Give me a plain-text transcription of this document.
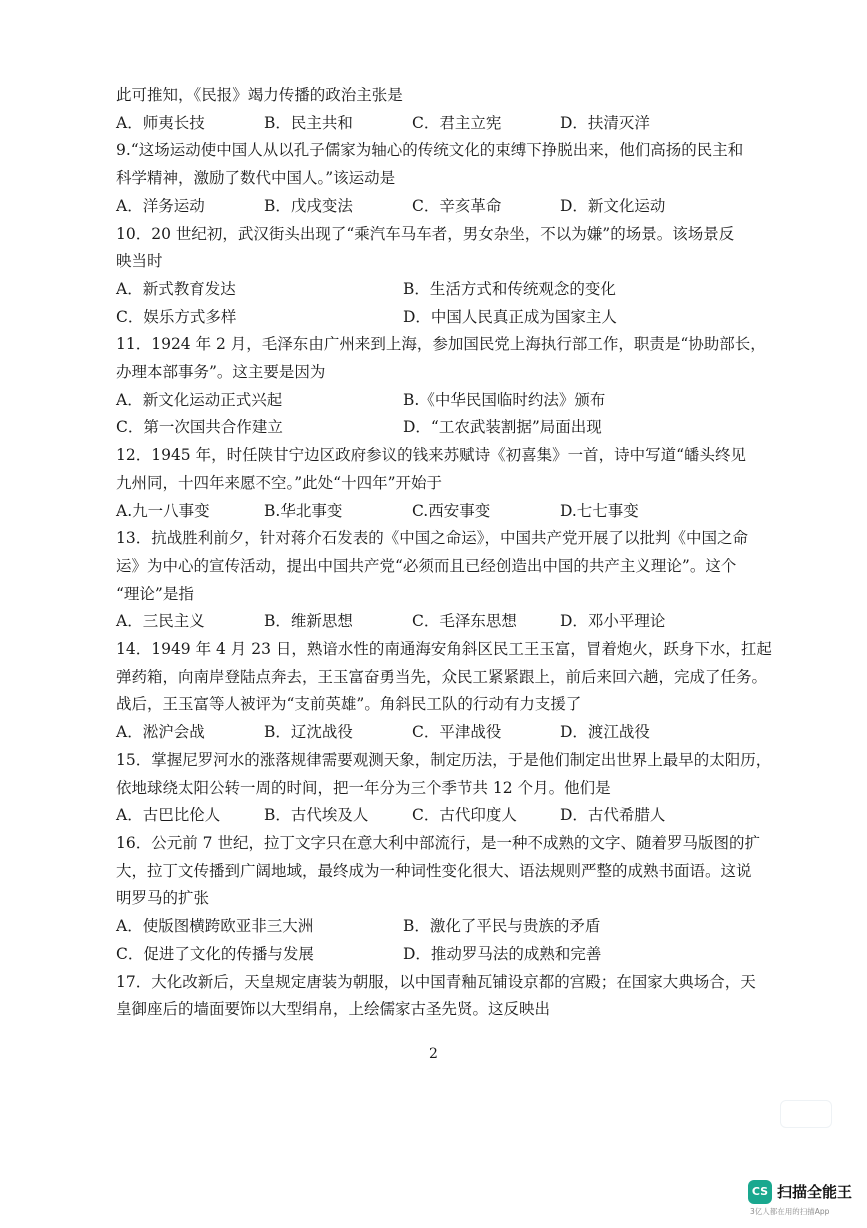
此可推知，《民报》竭力传播的政治主张是
A．师夷长技	B．民主共和	C．君主立宪	D．扶清灭洋
9.“这场运动使中国人从以孔子儒家为轴心的传统文化的束缚下挣脱出来，他们高扬的民主和
科学精神，激励了数代中国人。”该运动是
A．洋务运动	B．戊戌变法	C．辛亥革命	D．新文化运动
10．20 世纪初，武汉街头出现了“乘汽车马车者，男女杂坐，不以为嫌”的场景。该场景反
映当时
A．新式教育发达	B．生活方式和传统观念的变化
C．娱乐方式多样	D．中国人民真正成为国家主人
11．1924 年 2 月，毛泽东由广州来到上海，参加国民党上海执行部工作，职责是“协助部长，
办理本部事务”。这主要是因为
A．新文化运动正式兴起	B.《中华民国临时约法》颁布
C．第一次国共合作建立	D．“工农武装割据”局面出现
12．1945 年，时任陕甘宁边区政府参议的钱来苏赋诗《初喜集》一首，诗中写道“皤头终见
九州同，十四年来愿不空。”此处“十四年”开始于
A.九一八事变	B.华北事变	C.西安事变	D.七七事变
13．抗战胜利前夕，针对蒋介石发表的《中国之命运》，中国共产党开展了以批判《中国之命
运》为中心的宣传活动，提出中国共产党“必须而且已经创造出中国的共产主义理论”。这个
“理论”是指
A．三民主义	B．维新思想	C．毛泽东思想	D．邓小平理论
14．1949 年 4 月 23 日，熟谙水性的南通海安角斜区民工王玉富，冒着炮火，跃身下水，扛起
弹药箱，向南岸登陆点奔去，王玉富奋勇当先，众民工紧紧跟上，前后来回六趟，完成了任务。
战后，王玉富等人被评为“支前英雄”。角斜民工队的行动有力支援了
A．淞沪会战	B．辽沈战役	C．平津战役	D．渡江战役
15．掌握尼罗河水的涨落规律需要观测天象，制定历法，于是他们制定出世界上最早的太阳历，
依地球绕太阳公转一周的时间，把一年分为三个季节共 12 个月。他们是
A．古巴比伦人	B．古代埃及人	C．古代印度人	D．古代希腊人
16．公元前 7 世纪，拉丁文字只在意大利中部流行，是一种不成熟的文字、随着罗马版图的扩
大，拉丁文传播到广阔地域，最终成为一种词性变化很大、语法规则严整的成熟书面语。这说
明罗马的扩张
A．使版图横跨欧亚非三大洲	B．激化了平民与贵族的矛盾
C．促进了文化的传播与发展	D．推动罗马法的成熟和完善
17．大化改新后，天皇规定唐装为朝服，以中国青釉瓦铺设京都的宫殿；在国家大典场合，天
皇御座后的墙面要饰以大型绢帛，上绘儒家古圣先贤。这反映出
2
CS 扫描全能王
3亿人都在用的扫描App
